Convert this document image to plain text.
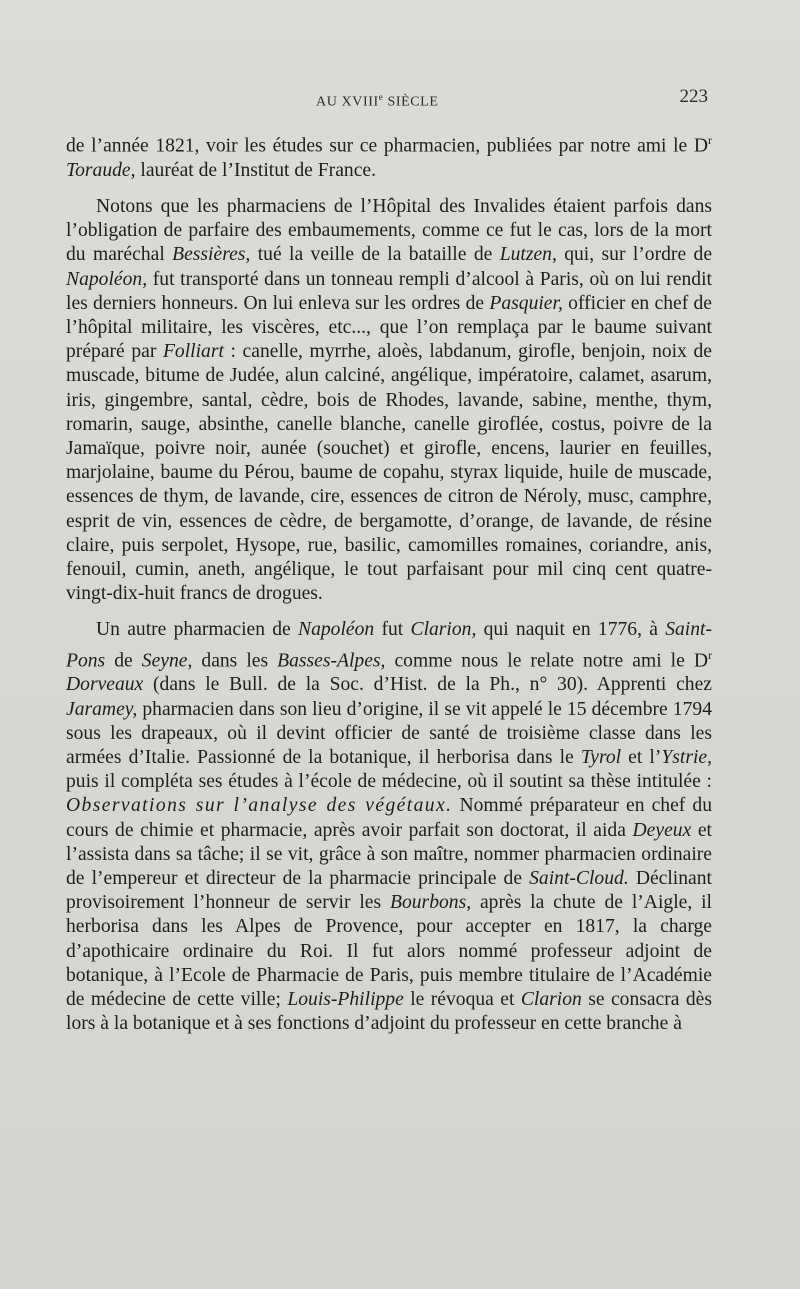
AU XVIIIe SIÈCLE	223

de l’année 1821, voir les études sur ce pharmacien, publiées par notre ami le $D^r$ Toraude, lauréat de l’Institut de France.

Notons que les pharmaciens de l’Hôpital des Invalides étaient parfois dans l’obligation de parfaire des embaumements, comme ce fut le cas, lors de la mort du maréchal Bessières, tué la veille de la bataille de Lutzen, qui, sur l’ordre de Napoléon, fut transporté dans un tonneau rempli d’alcool à Paris, où on lui rendit les derniers honneurs. On lui enleva sur les ordres de Pasquier, officier en chef de l’hôpital militaire, les viscères, etc..., que l’on remplaça par le baume suivant préparé par Folliart : canelle, myrrhe, aloès, labdanum, girofle, benjoin, noix de muscade, bitume de Judée, alun calciné, angélique, impératoire, calamet, asarum, iris, gingembre, santal, cèdre, bois de Rhodes, lavande, sabine, menthe, thym, romarin, sauge, absinthe, canelle blanche, canelle giroflée, costus, poivre de la Jamaïque, poivre noir, aunée (souchet) et girofle, encens, laurier en feuilles, marjolaine, baume du Pérou, baume de copahu, styrax liquide, huile de muscade, essences de thym, de lavande, cire, essences de citron de Néroly, musc, camphre, esprit de vin, essences de cèdre, de bergamotte, d’orange, de lavande, de résine claire, puis serpolet, Hysope, rue, basilic, camomilles romaines, coriandre, anis, fenouil, cumin, aneth, angélique, le tout parfaisant pour mil cinq cent quatre-vingt-dix-huit francs de drogues.

Un autre pharmacien de Napoléon fut Clarion, qui naquit en 1776, à Saint-Pons de Seyne, dans les Basses-Alpes, comme nous le relate notre ami le $D^r$ Dorveaux (dans le Bull. de la Soc. d’Hist. de la Ph., n° 30). Apprenti chez Jaramey, pharmacien dans son lieu d’origine, il se vit appelé le 15 décembre 1794 sous les drapeaux, où il devint officier de santé de troisième classe dans les armées d’Italie. Passionné de la botanique, il herborisa dans le Tyrol et l’Ystrie, puis il compléta ses études à l’école de médecine, où il soutint sa thèse intitulée : Observations sur l’analyse des végétaux. Nommé préparateur en chef du cours de chimie et pharmacie, après avoir parfait son doctorat, il aida Deyeux et l’assista dans sa tâche; il se vit, grâce à son maître, nommer pharmacien ordinaire de l’empereur et directeur de la pharmacie principale de Saint-Cloud. Déclinant provisoirement l’honneur de servir les Bourbons, après la chute de l’Aigle, il herborisa dans les Alpes de Provence, pour accepter en 1817, la charge d’apothicaire ordinaire du Roi. Il fut alors nommé professeur adjoint de botanique, à l’Ecole de Pharmacie de Paris, puis membre titulaire de l’Académie de médecine de cette ville; Louis-Philippe le révoqua et Clarion se consacra dès lors à la botanique et à ses fonctions d’adjoint du professeur en cette branche à
